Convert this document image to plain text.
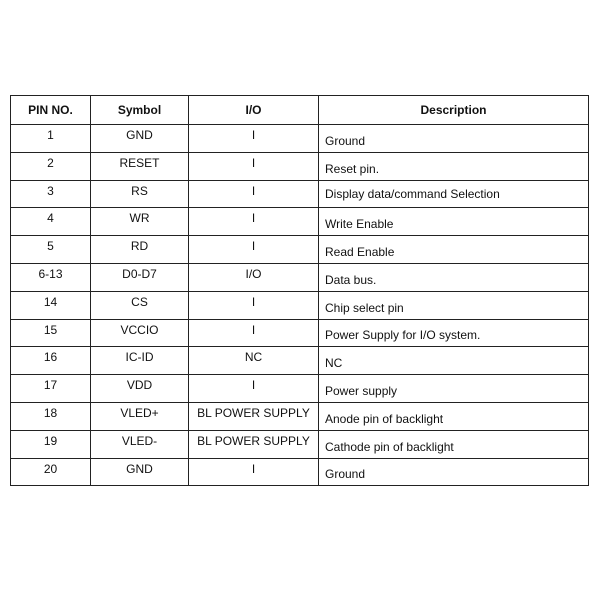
PIN NO.	Symbol	I/O	Description
1	GND	I	Ground
2	RESET	I	Reset pin.
3	RS	I	Display data/command Selection
4	WR	I	Write Enable
5	RD	I	Read Enable
6-13	D0-D7	I/O	Data bus.
14	CS	I	Chip select pin
15	VCCIO	I	Power Supply for I/O system.
16	IC-ID	NC	NC
17	VDD	I	Power supply
18	VLED+	BL POWER SUPPLY	Anode pin of backlight
19	VLED-	BL POWER SUPPLY	Cathode pin of backlight
20	GND	I	Ground
